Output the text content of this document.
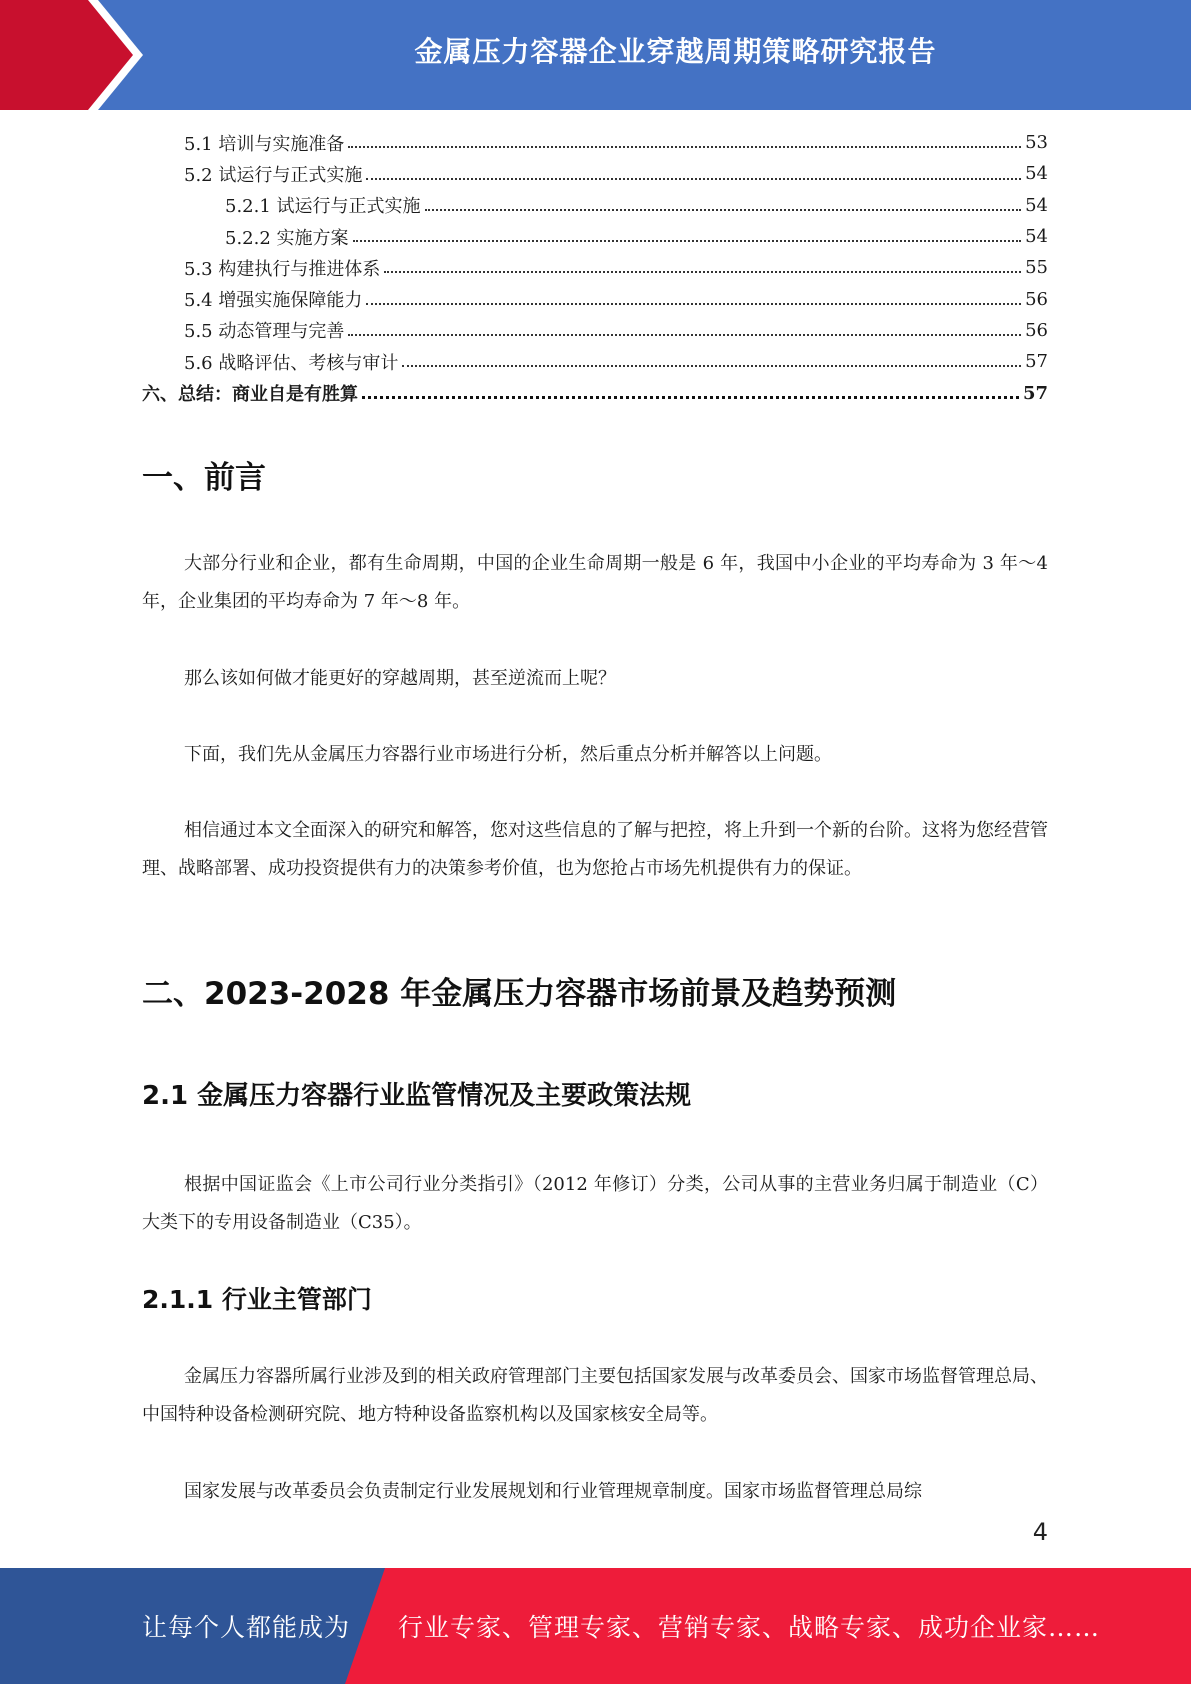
金属压力容器企业穿越周期策略研究报告
5.1 培训与实施准备	53
5.2 试运行与正式实施	54
5.2.1 试运行与正式实施	54
5.2.2 实施方案	54
5.3 构建执行与推进体系	55
5.4 增强实施保障能力	56
5.5 动态管理与完善	56
5.6 战略评估、考核与审计	57
六、总结：商业自是有胜算	57
一、前言

大部分行业和企业，都有生命周期，中国的企业生命周期一般是 6 年，我国中小企业的平均寿命为 3 年～4 年，企业集团的平均寿命为 7 年～8 年。

那么该如何做才能更好的穿越周期，甚至逆流而上呢？

下面，我们先从金属压力容器行业市场进行分析，然后重点分析并解答以上问题。

相信通过本文全面深入的研究和解答，您对这些信息的了解与把控，将上升到一个新的台阶。这将为您经营管理、战略部署、成功投资提供有力的决策参考价值，也为您抢占市场先机提供有力的保证。

二、2023-2028 年金属压力容器市场前景及趋势预测
2.1 金属压力容器行业监管情况及主要政策法规

根据中国证监会《上市公司行业分类指引》（2012 年修订）分类，公司从事的主营业务归属于制造业（C）大类下的专用设备制造业（C35）。

2.1.1 行业主管部门

金属压力容器所属行业涉及到的相关政府管理部门主要包括国家发展与改革委员会、国家市场监督管理总局、中国特种设备检测研究院、地方特种设备监察机构以及国家核安全局等。

国家发展与改革委员会负责制定行业发展规划和行业管理规章制度。国家市场监督管理总局综

4
让每个人都能成为 行业专家、管理专家、营销专家、战略专家、成功企业家……
